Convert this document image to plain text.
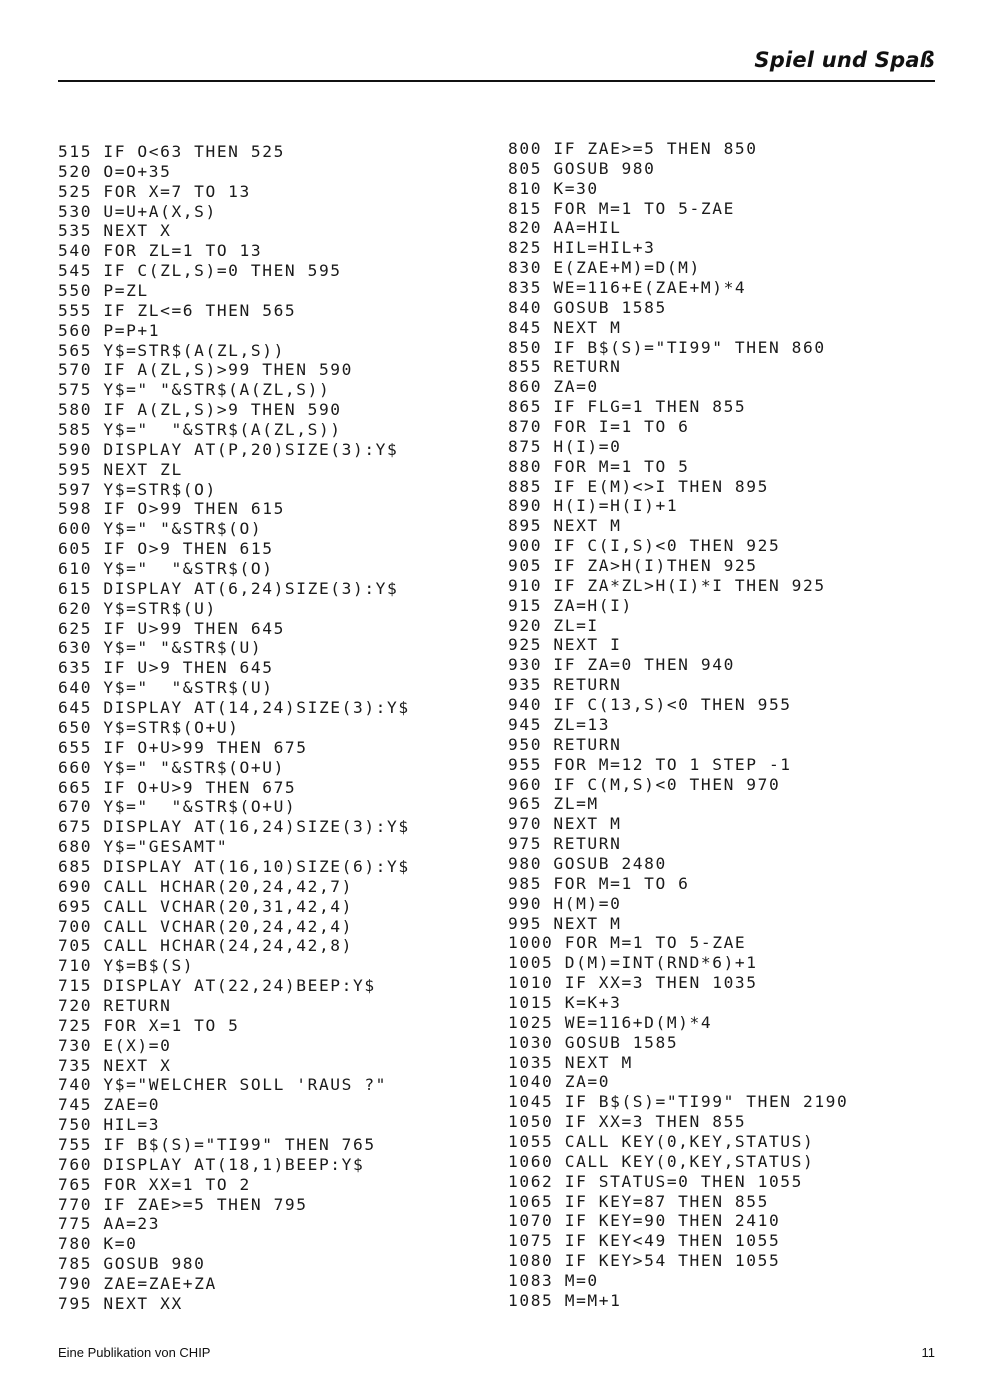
Spiel und Spaß
515 IF O<63 THEN 525
520 O=O+35
525 FOR X=7 TO 13
530 U=U+A(X,S)
535 NEXT X
540 FOR ZL=1 TO 13
545 IF C(ZL,S)=0 THEN 595
550 P=ZL
555 IF ZL<=6 THEN 565
560 P=P+1
565 Y$=STR$(A(ZL,S))
570 IF A(ZL,S)>99 THEN 590
575 Y$=" "&STR$(A(ZL,S))
580 IF A(ZL,S)>9 THEN 590
585 Y$="  "&STR$(A(ZL,S))
590 DISPLAY AT(P,20)SIZE(3):Y$
595 NEXT ZL
597 Y$=STR$(O)
598 IF O>99 THEN 615
600 Y$=" "&STR$(O)
605 IF O>9 THEN 615
610 Y$="  "&STR$(O)
615 DISPLAY AT(6,24)SIZE(3):Y$
620 Y$=STR$(U)
625 IF U>99 THEN 645
630 Y$=" "&STR$(U)
635 IF U>9 THEN 645
640 Y$="  "&STR$(U)
645 DISPLAY AT(14,24)SIZE(3):Y$
650 Y$=STR$(O+U)
655 IF O+U>99 THEN 675
660 Y$=" "&STR$(O+U)
665 IF O+U>9 THEN 675
670 Y$="  "&STR$(O+U)
675 DISPLAY AT(16,24)SIZE(3):Y$
680 Y$="GESAMT"
685 DISPLAY AT(16,10)SIZE(6):Y$
690 CALL HCHAR(20,24,42,7)
695 CALL VCHAR(20,31,42,4)
700 CALL VCHAR(20,24,42,4)
705 CALL HCHAR(24,24,42,8)
710 Y$=B$(S)
715 DISPLAY AT(22,24)BEEP:Y$
720 RETURN
725 FOR X=1 TO 5
730 E(X)=0
735 NEXT X
740 Y$="WELCHER SOLL 'RAUS ?"
745 ZAE=0
750 HIL=3
755 IF B$(S)="TI99" THEN 765
760 DISPLAY AT(18,1)BEEP:Y$
765 FOR XX=1 TO 2
770 IF ZAE>=5 THEN 795
775 AA=23
780 K=0
785 GOSUB 980
790 ZAE=ZAE+ZA
795 NEXT XX
800 IF ZAE>=5 THEN 850
805 GOSUB 980
810 K=30
815 FOR M=1 TO 5-ZAE
820 AA=HIL
825 HIL=HIL+3
830 E(ZAE+M)=D(M)
835 WE=116+E(ZAE+M)*4
840 GOSUB 1585
845 NEXT M
850 IF B$(S)="TI99" THEN 860
855 RETURN
860 ZA=0
865 IF FLG=1 THEN 855
870 FOR I=1 TO 6
875 H(I)=0
880 FOR M=1 TO 5
885 IF E(M)<>I THEN 895
890 H(I)=H(I)+1
895 NEXT M
900 IF C(I,S)<0 THEN 925
905 IF ZA>H(I)THEN 925
910 IF ZA*ZL>H(I)*I THEN 925
915 ZA=H(I)
920 ZL=I
925 NEXT I
930 IF ZA=0 THEN 940
935 RETURN
940 IF C(13,S)<0 THEN 955
945 ZL=13
950 RETURN
955 FOR M=12 TO 1 STEP -1
960 IF C(M,S)<0 THEN 970
965 ZL=M
970 NEXT M
975 RETURN
980 GOSUB 2480
985 FOR M=1 TO 6
990 H(M)=0
995 NEXT M
1000 FOR M=1 TO 5-ZAE
1005 D(M)=INT(RND*6)+1
1010 IF XX=3 THEN 1035
1015 K=K+3
1025 WE=116+D(M)*4
1030 GOSUB 1585
1035 NEXT M
1040 ZA=0
1045 IF B$(S)="TI99" THEN 2190
1050 IF XX=3 THEN 855
1055 CALL KEY(0,KEY,STATUS)
1060 CALL KEY(0,KEY,STATUS)
1062 IF STATUS=0 THEN 1055
1065 IF KEY=87 THEN 855
1070 IF KEY=90 THEN 2410
1075 IF KEY<49 THEN 1055
1080 IF KEY>54 THEN 1055
1083 M=0
1085 M=M+1
Eine Publikation von CHIP	11
